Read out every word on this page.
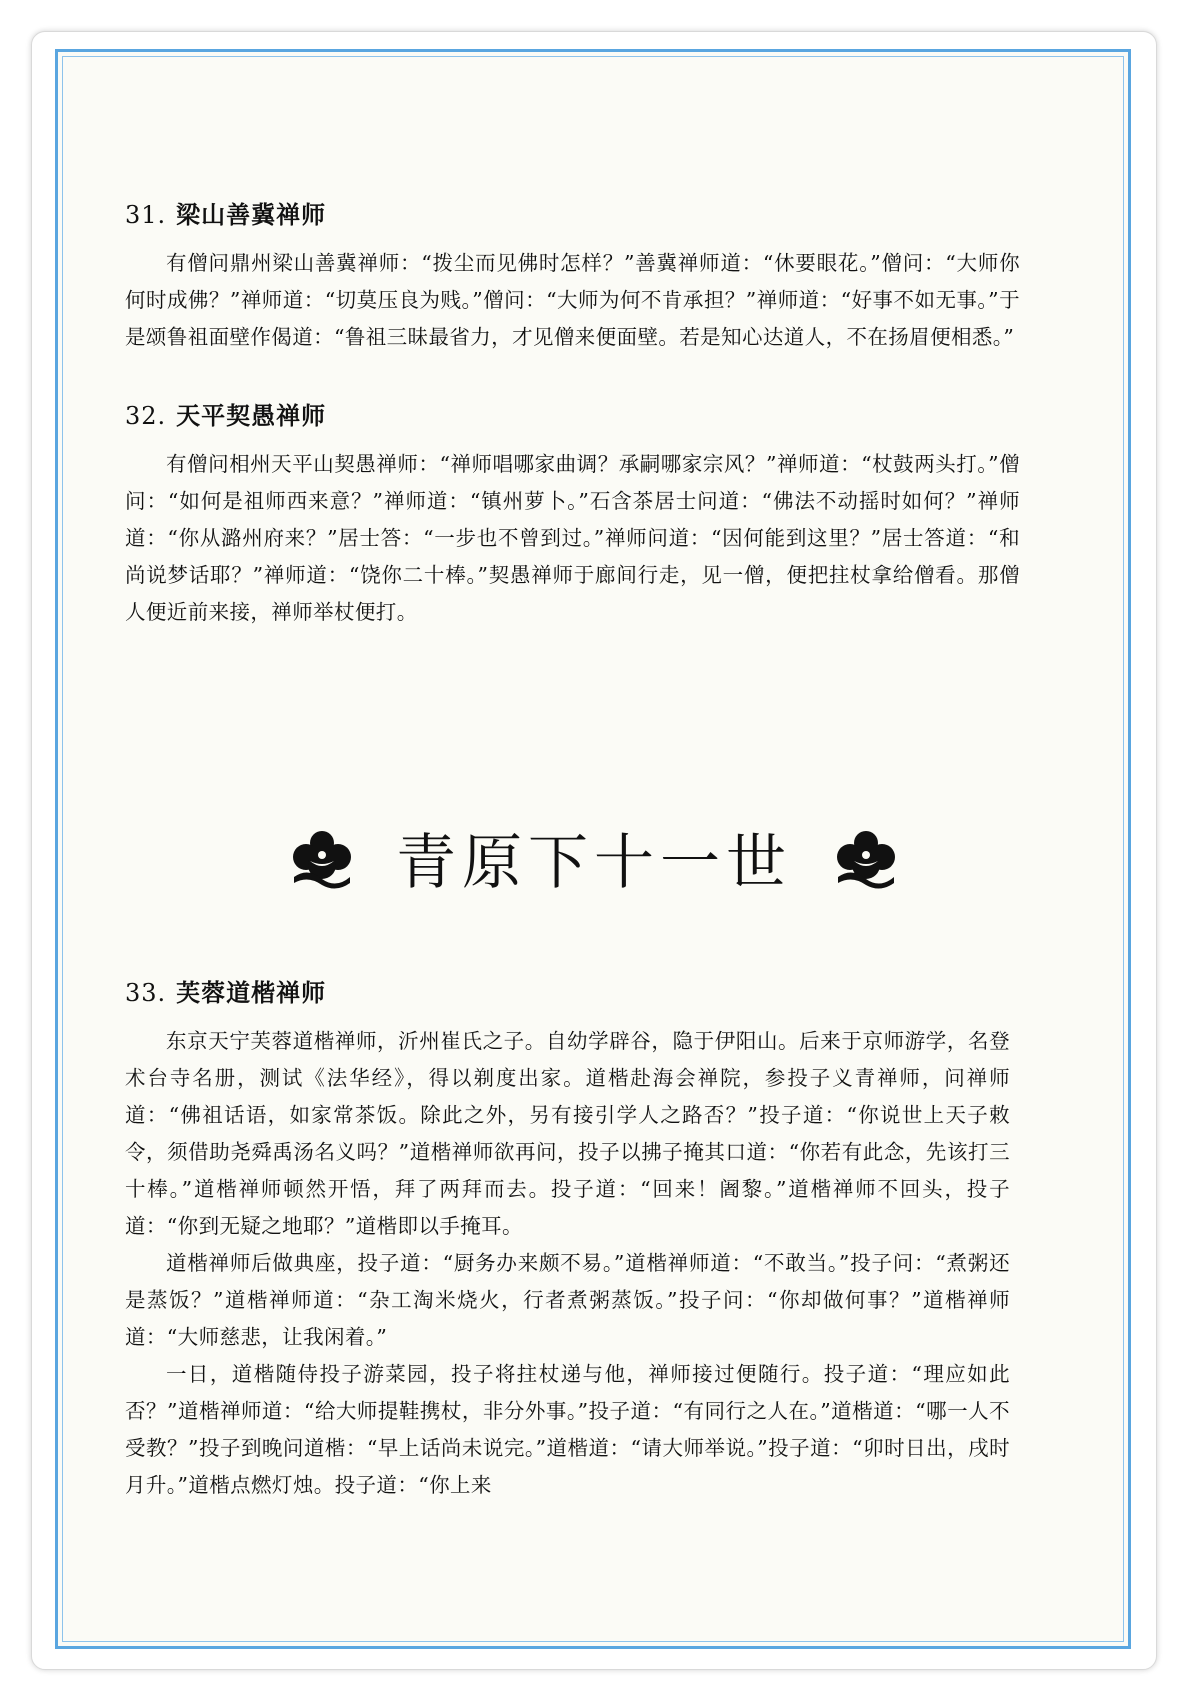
31. 梁山善冀禅师

有僧问鼎州梁山善冀禅师：“拨尘而见佛时怎样？”善冀禅师道：“休要眼花。”僧问：“大师你何时成佛？”禅师道：“切莫压良为贱。”僧问：“大师为何不肯承担？”禅师道：“好事不如无事。”于是颂鲁祖面壁作偈道：“鲁祖三昧最省力，才见僧来便面壁。若是知心达道人，不在扬眉便相悉。”

32. 天平契愚禅师

有僧问相州天平山契愚禅师：“禅师唱哪家曲调？承嗣哪家宗风？”禅师道：“杖鼓两头打。”僧问：“如何是祖师西来意？”禅师道：“镇州萝卜。”石含茶居士问道：“佛法不动摇时如何？”禅师道：“你从潞州府来？”居士答：“一步也不曾到过。”禅师问道：“因何能到这里？”居士答道：“和尚说梦话耶？”禅师道：“饶你二十棒。”契愚禅师于廊间行走，见一僧，便把拄杖拿给僧看。那僧人便近前来接，禅师举杖便打。

青原下十一世
33. 芙蓉道楷禅师

东京天宁芙蓉道楷禅师，沂州崔氏之子。自幼学辟谷，隐于伊阳山。后来于京师游学，名登术台寺名册，测试《法华经》，得以剃度出家。道楷赴海会禅院，参投子义青禅师，问禅师道：“佛祖话语，如家常茶饭。除此之外，另有接引学人之路否？”投子道：“你说世上天子敕令，须借助尧舜禹汤名义吗？”道楷禅师欲再问，投子以拂子掩其口道：“你若有此念，先该打三十棒。”道楷禅师顿然开悟，拜了两拜而去。投子道：“回来！阇黎。”道楷禅师不回头，投子道：“你到无疑之地耶？”道楷即以手掩耳。

道楷禅师后做典座，投子道：“厨务办来颇不易。”道楷禅师道：“不敢当。”投子问：“煮粥还是蒸饭？”道楷禅师道：“杂工淘米烧火，行者煮粥蒸饭。”投子问：“你却做何事？”道楷禅师道：“大师慈悲，让我闲着。”

一日，道楷随侍投子游菜园，投子将拄杖递与他，禅师接过便随行。投子道：“理应如此否？”道楷禅师道：“给大师提鞋携杖，非分外事。”投子道：“有同行之人在。”道楷道：“哪一人不受教？”投子到晚问道楷：“早上话尚未说完。”道楷道：“请大师举说。”投子道：“卯时日出，戌时月升。”道楷点燃灯烛。投子道：“你上来
